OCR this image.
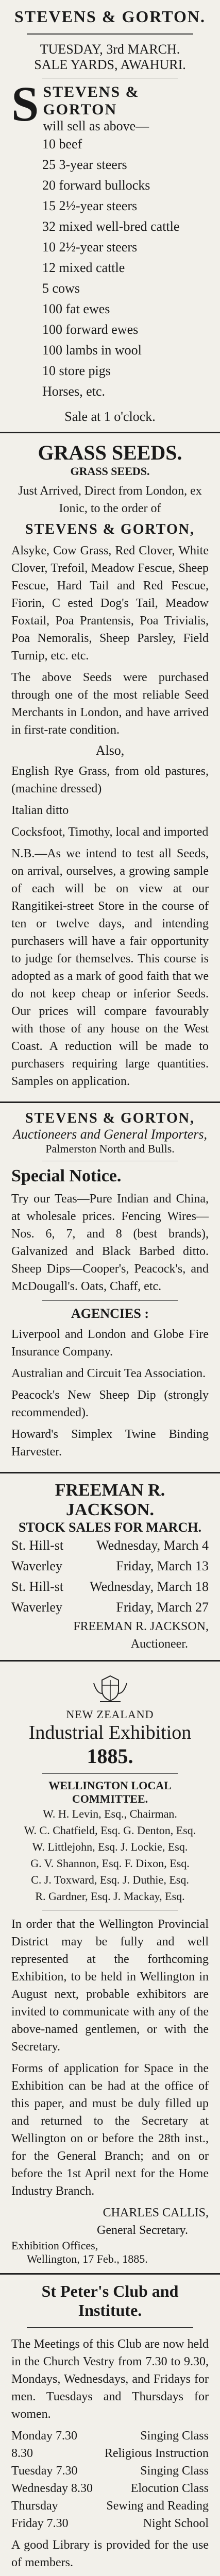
STEVENS & GORTON.
TUESDAY, 3rd MARCH.
SALE YARDS, AWAHURI.
S STEVENS & GORTON
will sell as above—
10 beef
25 3-year steers
20 forward bullocks
15 2½-year steers
32 mixed well-bred cattle
10 2½-year steers
12 mixed cattle
5 cows
100 fat ewes
100 forward ewes
100 lambs in wool
10 store pigs
Horses, etc.
Sale at 1 o'clock.
GRASS SEEDS.
GRASS SEEDS.

Just Arrived, Direct from London, ex Ionic, to the order of

STEVENS & GORTON,

Alsyke, Cow Grass, Red Clover, White Clover, Trefoil, Meadow Fescue, Sheep Fescue, Hard Tail and Red Fescue, Fiorin, C ested Dog's Tail, Meadow Foxtail, Poa Prantensis, Poa Trivialis, Poa Nemoralis, Sheep Parsley, Field Turnip, etc. etc.

The above Seeds were purchased through one of the most reliable Seed Merchants in London, and have arrived in first-rate condition.

Also,

English Rye Grass, from old pastures, (machine dressed)

Italian ditto

Cocksfoot, Timothy, local and imported

N.B.—As we intend to test all Seeds, on arrival, ourselves, a growing sample of each will be on view at our Rangitikei-street Store in the course of ten or twelve days, and intending purchasers will have a fair opportunity to judge for themselves. This course is adopted as a mark of good faith that we do not keep cheap or inferior Seeds. Our prices will compare favourably with those of any house on the West Coast. A reduction will be made to purchasers requiring large quantities. Samples on application.

STEVENS & GORTON,
Auctioneers and General Importers,
Palmerston North and Bulls.
Special Notice.

Try our Teas—Pure Indian and China, at wholesale prices. Fencing Wires—Nos. 6, 7, and 8 (best brands), Galvanized and Black Barbed ditto. Sheep Dips—Cooper's, Peacock's, and McDougall's. Oats, Chaff, etc.

AGENCIES :

Liverpool and London and Globe Fire Insurance Company.

Australian and Circuit Tea Association.

Peacock's New Sheep Dip (strongly recommended).

Howard's Simplex Twine Binding Harvester.

FREEMAN R. JACKSON.
STOCK SALES FOR MARCH.
St. Hill-st Wednesday, March 4
Waverley	Friday, March 13
St. Hill-st Wednesday, March 18
Waverley	Friday, March 27
FREEMAN R. JACKSON,
Auctioneer.
NEW ZEALAND
Industrial Exhibition
1885.
WELLINGTON LOCAL COMMITTEE.
W. H. Levin, Esq., Chairman.
W. C. Chatfield, Esq. G. Denton, Esq.
W. Littlejohn, Esq. J. Lockie, Esq.
G. V. Shannon, Esq. F. Dixon, Esq.
C. J. Toxward, Esq. J. Duthie, Esq.
R. Gardner, Esq. J. Mackay, Esq.

In order that the Wellington Provincial District may be fully and well represented at the forthcoming Exhibition, to be held in Wellington in August next, probable exhibitors are invited to communicate with any of the above-named gentlemen, or with the Secretary.

Forms of application for Space in the Exhibition can be had at the office of this paper, and must be duly filled up and returned to the Secretary at Wellington on or before the 28th inst., for the General Branch; and on or before the 1st April next for the Home Industry Branch.

CHARLES CALLIS,
General Secretary.
Exhibition Offices,
Wellington, 17 Feb., 1885.
St Peter's Club and Institute.

The Meetings of this Club are now held in the Church Vestry from 7.30 to 9.30, Mondays, Wednesdays, and Fridays for men. Tuesdays and Thursdays for women.

Monday 7.30	Singing Class
8.30	Religious Instruction
Tuesday 7.30	Singing Class
Wednesday 8.30	Elocution Class
Thursday	Sewing and Reading
Friday 7.30	Night School

A good Library is provided for the use of members.
